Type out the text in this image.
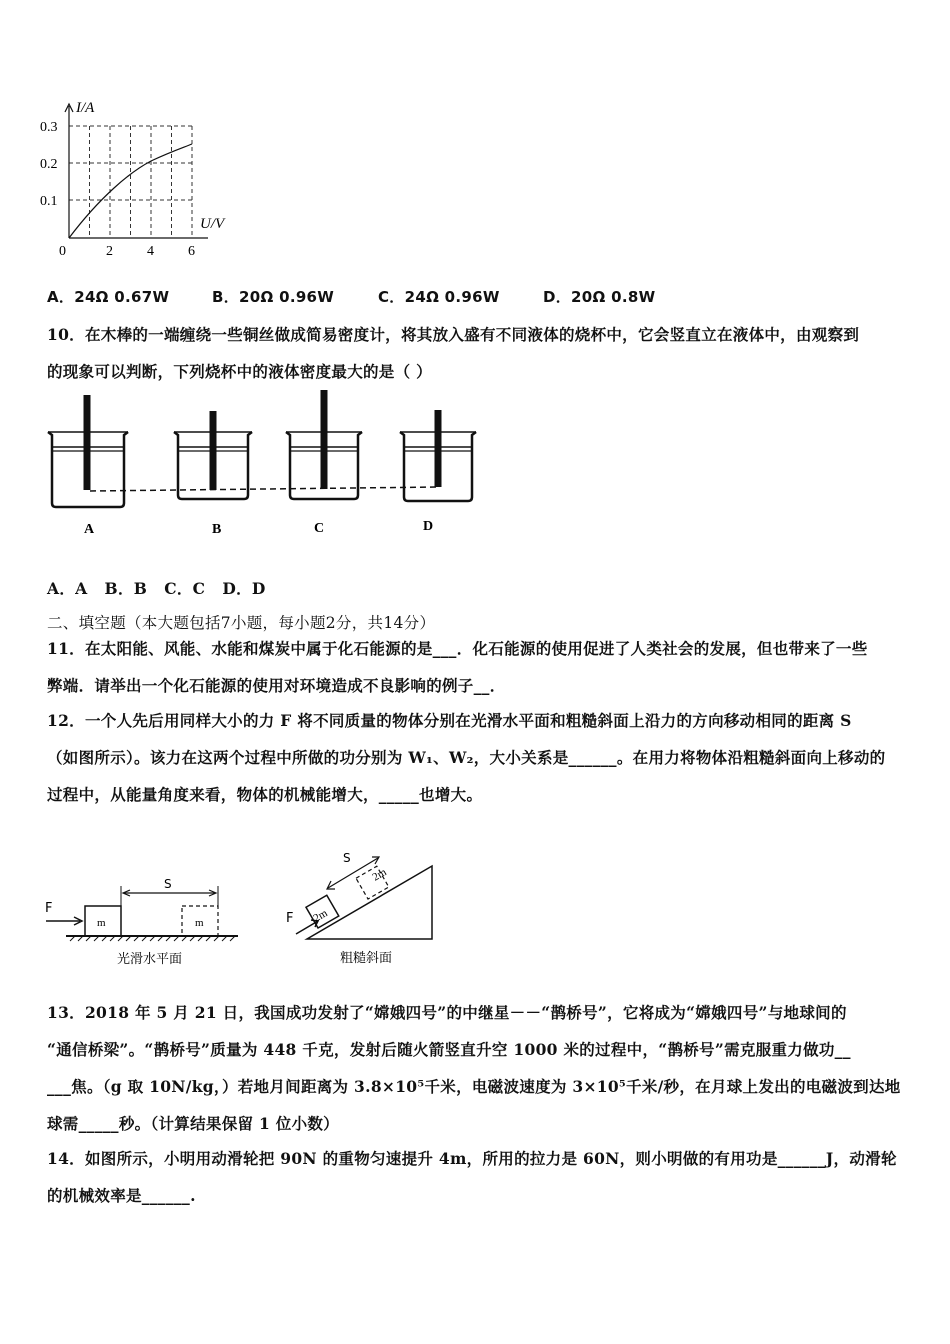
I/A
U/V
0.3
0.2
0.1
0	2 4 6
A．24Ω 0.67W	B．20Ω 0.96W	C．24Ω 0.96W	D．20Ω 0.8W
10．在木棒的一端缠绕一些铜丝做成简易密度计，将其放入盛有不同液体的烧杯中，它会竖直立在液体中，由观察到
的现象可以判断，下列烧杯中的液体密度最大的是（ ）
A	B	C	D
A．A   B．B   C．C   D．D
二、填空题（本大题包括7小题，每小题2分，共14分）
11．在太阳能、风能、水能和煤炭中属于化石能源的是___．化石能源的使用促进了人类社会的发展，但也带来了一些
弊端．请举出一个化石能源的使用对环境造成不良影响的例子__．
12．一个人先后用同样大小的力 F 将不同质量的物体分别在光滑水平面和粗糙斜面上沿力的方向移动相同的距离 S
（如图所示）。该力在这两个过程中所做的功分别为 W₁、W₂，大小关系是______。在用力将物体沿粗糙斜面向上移动的
过程中，从能量角度来看，物体的机械能增大，_____也增大。
F
m	m
S
光滑水平面
F 2m
2m
S
粗糙斜面
13．2018 年 5 月 21 日，我国成功发射了“嫦娥四号”的中继星－－“鹊桥号”，它将成为“嫦娥四号”与地球间的
“通信桥梁”。“鹊桥号”质量为 448 千克，发射后随火箭竖直升空 1000 米的过程中，“鹊桥号”需克服重力做功__
___焦。（g 取 10N/kg，）若地月间距离为 3.8×10⁵千米，电磁波速度为 3×10⁵千米/秒，在月球上发出的电磁波到达地
球需_____秒。（计算结果保留 1 位小数）
14．如图所示，小明用动滑轮把 90N 的重物匀速提升 4m，所用的拉力是 60N，则小明做的有用功是______J，动滑轮
的机械效率是______.
